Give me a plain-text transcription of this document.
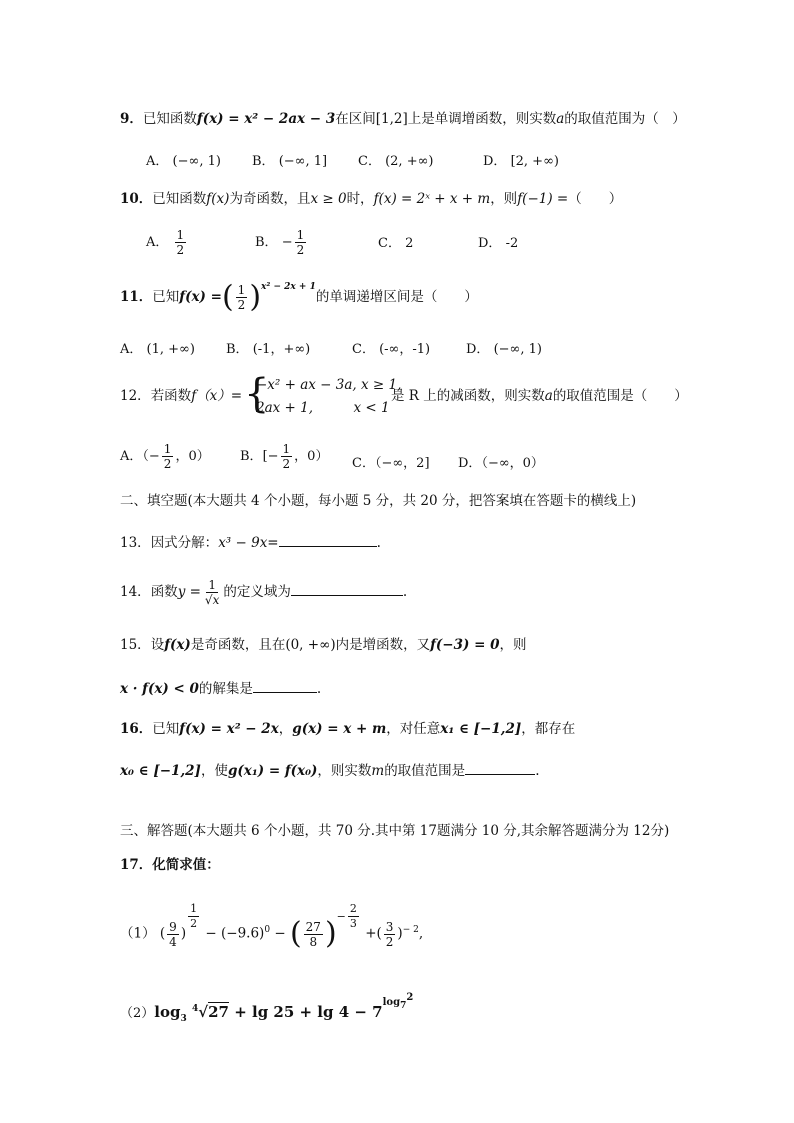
9．已知函数f(x) = x² − 2ax − 3在区间[1,2]上是单调增函数，则实数a的取值范围为（　）
A． (−∞, 1) B． (−∞, 1] C． (2, +∞)	D． [2, +∞)
10．已知函数f(x)为奇函数，且x ≥ 0时，f(x) = 2ˣ + x + m，则f(−1) =（　　）
A． $\frac{1}{2}$	B． − $\frac{1}{2}$	C． 2	D． -2
11．已知f(x) =( $\frac{1}{2} )^{x^2 - 2x + 1}$的单调递增区间是（　　）
A． (1, +∞) B． (-1，+∞)	C． (-∞，-1)	D． (−∞, 1)
12．若函数f（x）= {
−x² + ax − 3a, x ≥ 1,
2ax + 1,　　　x < 1
是 R 上的减函数，则实数a的取值范围是（　　）
A．（− $\frac{1}{2}$ ，0） B．[− $\frac{1}{2}$ ，0） C．（−∞，2] D．（−∞，0）
二、填空题(本大题共 4 个小题，每小题 5 分，共 20 分，把答案填在答题卡的横线上)
13．因式分解：x³ − 9x=	.
14．函数$y = \frac{1}{√x}$ 的定义域为	.
15．设f(x)是奇函数，且在(0, +∞)内是增函数，又f(−3) = 0，则
x · f(x) < 0的解集是	.
16．已知f(x) = x² − 2x，g(x) = x + m，对任意x₁ ∈ [−1,2]，都存在
x₀ ∈ [−1,2]，使g(x₁) = f(x₀)，则实数m的取值范围是	.
三、解答题(本大题共 6 个小题，共 70 分.其中第 17题满分 10 分,其余解答题满分为 12分)
17．化简求值：
（1） ( $\frac{9}{4}$ )
$\frac{1}{2}$
− $(-9.6)^0$ − ( $\frac{27}{8} )^- \frac{2}{3}$
+( $\frac{3}{2} )^{- 2}$,
$(2)\log_3$ $^4√27 + \lg 25 + \lg 4 - 7^{log72}$
